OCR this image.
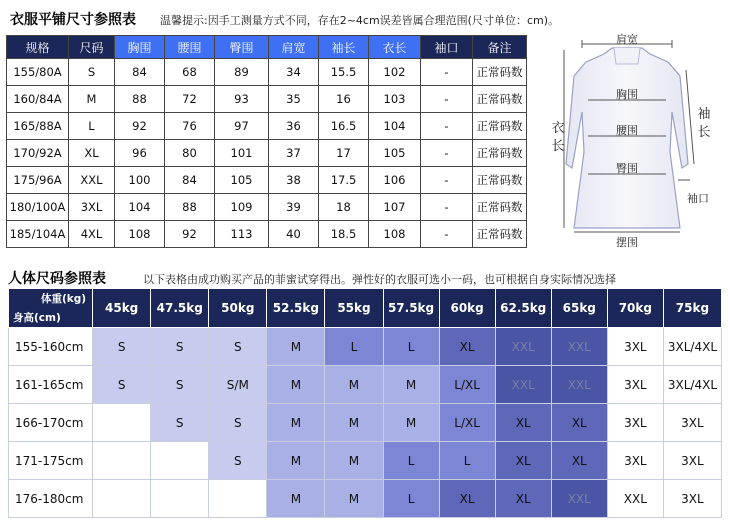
衣服平铺尺寸参照表 温馨提示:因手工测量方式不同，存在2~4cm误差皆属合理范围(尺寸单位：cm)。
规格	尺码	胸围	腰围	臀围	肩宽	袖长	衣长	袖口	备注
155/80A	S	84	68	89	34	15.5	102	-	正常码数
160/84A	M	88	72	93	35	16	103	-	正常码数
165/88A	L	92	76	97	36	16.5	104	-	正常码数
170/92A	XL	96	80	101	37	17	105	-	正常码数
175/96A	XXL	100	84	105	38	17.5	106	-	正常码数
180/100A	3XL	104	88	109	39	18	107	-	正常码数
185/104A	4XL	108	92	113	40	18.5	108	-	正常码数
肩宽
胸围
腰围
臀围
衣
长
袖
长
袖口
摆围
人体尺码参照表	以下表格由成功购买产品的菲蜜试穿得出。弹性好的衣服可选小一码，也可根据自身实际情况选择
体重(kg)
身高(cm)	45kg	47.5kg	50kg	52.5kg	55kg	57.5kg	60kg	62.5kg	65kg	70kg	75kg
155-160cm	S	S	S	M	L	L	XL	XXL	XXL	3XL	3XL/4XL
161-165cm	S	S	S/M	M	M	M	L/XL	XXL	XXL	3XL	3XL/4XL
166-170cm		S	S	M	M	M	L/XL	XL	XL	3XL	3XL
171-175cm			S	M	M	L	L	XL	XL	3XL	3XL
176-180cm				M	M	L	XL	XL	XXL	XXL	3XL
